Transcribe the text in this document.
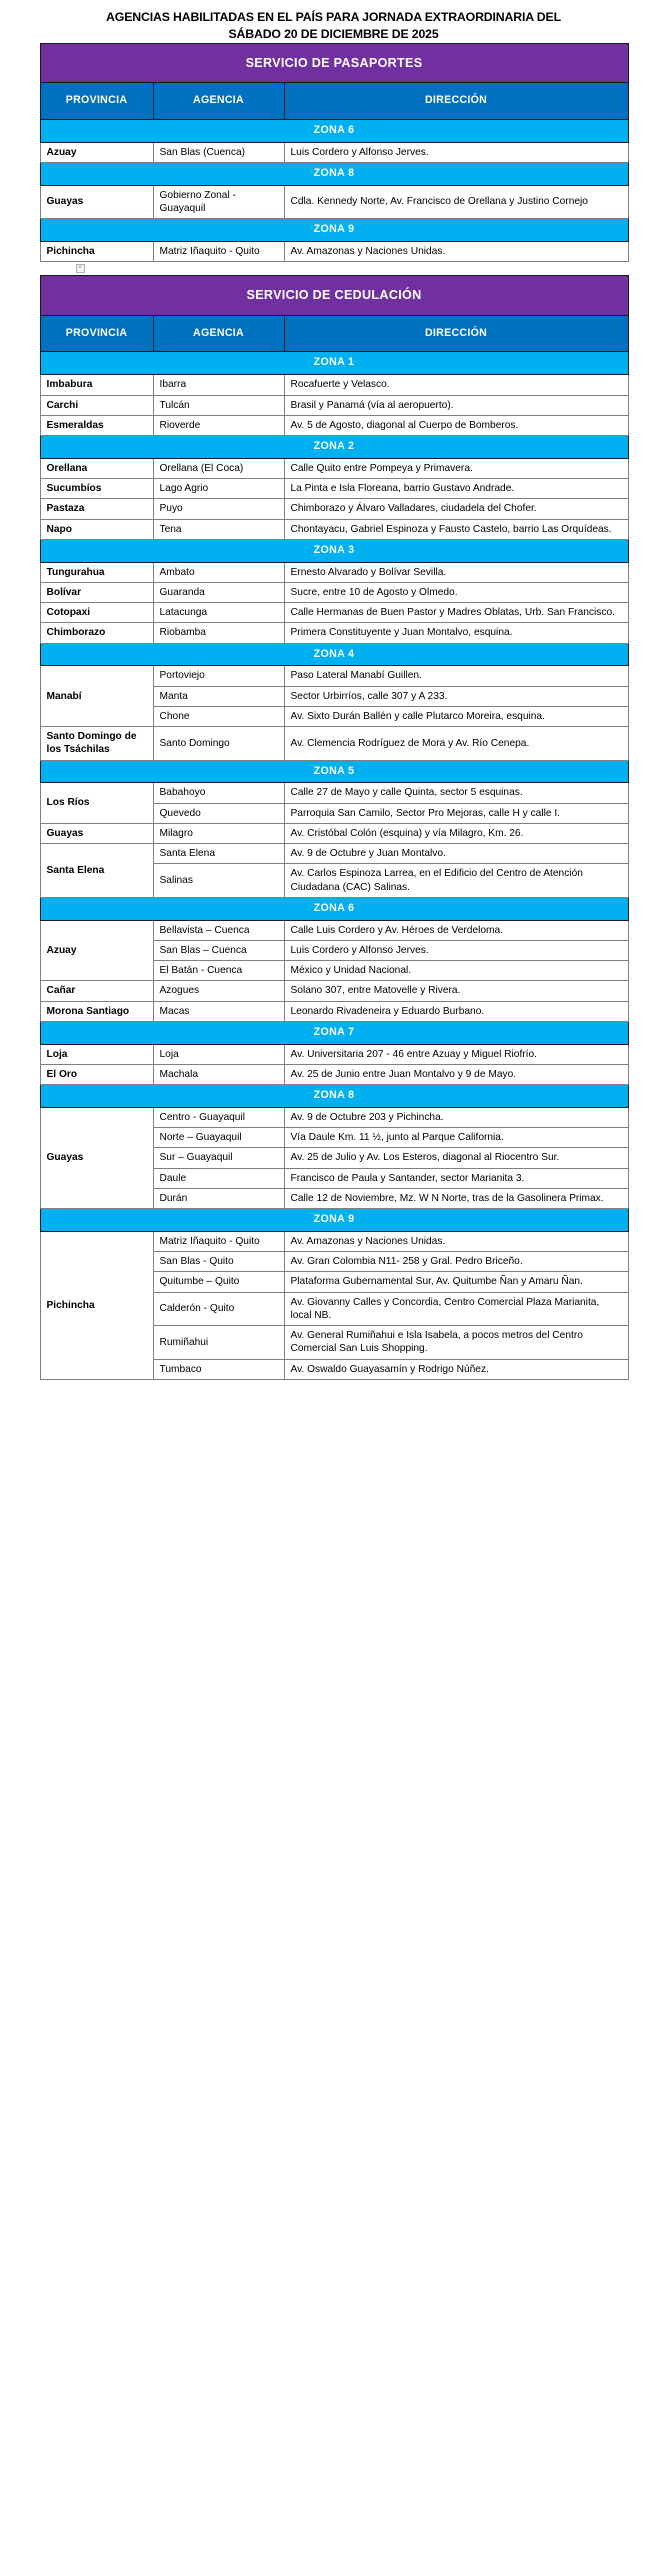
AGENCIAS HABILITADAS EN EL PAÍS PARA JORNADA EXTRAORDINARIA DEL
SÁBADO 20 DE DICIEMBRE DE 2025
SERVICIO DE PASAPORTES		
PROVINCIA	AGENCIA	DIRECCIÓN
ZONA 6		
Azuay	San Blas (Cuenca)	Luis Cordero y Alfonso Jerves.
ZONA 8		
Guayas	Gobierno Zonal - Guayaquil	Cdla. Kennedy Norte, Av. Francisco de Orellana y Justino Cornejo
ZONA 9		
Pichincha	Matriz Iñaquito - Quito	Av. Amazonas y Naciones Unidas.
+
SERVICIO DE CEDULACIÓN		
PROVINCIA	AGENCIA	DIRECCIÓN
ZONA 1		
Imbabura	Ibarra	Rocafuerte y Velasco.
Carchi	Tulcán	Brasil y Panamá (vía al aeropuerto).
Esmeraldas	Rioverde	Av. 5 de Agosto, diagonal al Cuerpo de Bomberos.
ZONA 2		
Orellana	Orellana (El Coca)	Calle Quito entre Pompeya y Primavera.
Sucumbíos	Lago Agrio	La Pinta e Isla Floreana, barrio Gustavo Andrade.
Pastaza	Puyo	Chimborazo y Álvaro Valladares, ciudadela del Chofer.
Napo	Tena	Chontayacu, Gabriel Espinoza y Fausto Castelo, barrio Las Orquídeas.
ZONA 3		
Tungurahua	Ambato	Ernesto Alvarado y Bolívar Sevilla.
Bolívar	Guaranda	Sucre, entre 10 de Agosto y Olmedo.
Cotopaxi	Latacunga	Calle Hermanas de Buen Pastor y Madres Oblatas, Urb. San Francisco.
Chimborazo	Riobamba	Primera Constituyente y Juan Montalvo, esquina.
ZONA 4		
Manabí	Portoviejo	Paso Lateral Manabí Guillen.
	Manta	Sector Urbirríos, calle 307 y A 233.
	Chone	Av. Sixto Durán Ballén y calle Plutarco Moreira, esquina.
Santo Domingo de los Tsáchilas	Santo Domingo	Av. Clemencia Rodríguez de Mora y Av. Río Cenepa.
ZONA 5		
Los Ríos	Babahoyo	Calle 27 de Mayo y calle Quinta, sector 5 esquinas.
	Quevedo	Parroquia San Camilo, Sector Pro Mejoras, calle H y calle I.
Guayas	Milagro	Av. Cristóbal Colón (esquina) y vía Milagro, Km. 26.
Santa Elena	Santa Elena	Av. 9 de Octubre y Juan Montalvo.
	Salinas	Av. Carlos Espinoza Larrea, en el Edificio del Centro de Atención Ciudadana (CAC) Salinas.
ZONA 6		
Azuay	Bellavista – Cuenca	Calle Luis Cordero y Av. Héroes de Verdeloma.
	San Blas – Cuenca	Luis Cordero y Alfonso Jerves.
	El Batán - Cuenca	México y Unidad Nacional.
Cañar	Azogues	Solano 307, entre Matovelle y Rivera.
Morona Santiago	Macas	Leonardo Rivadeneira y Eduardo Burbano.
ZONA 7		
Loja	Loja	Av. Universitaria 207 - 46 entre Azuay y Miguel Riofrío.
El Oro	Machala	Av. 25 de Junio entre Juan Montalvo y 9 de Mayo.
ZONA 8		
Guayas	Centro - Guayaquil	Av. 9 de Octubre 203 y Pichincha.
	Norte – Guayaquil	Vía Daule Km. 11 ½, junto al Parque California.
	Sur – Guayaquil	Av. 25 de Julio y Av. Los Esteros, diagonal al Riocentro Sur.
	Daule	Francisco de Paula y Santander, sector Marianita 3.
	Durán	Calle 12 de Noviembre, Mz. W N Norte, tras de la Gasolinera Primax.
ZONA 9		
Pichincha	Matriz Iñaquito - Quito	Av. Amazonas y Naciones Unidas.
	San Blas - Quito	Av. Gran Colombia N11- 258 y Gral. Pedro Briceño.
	Quitumbe – Quito	Plataforma Gubernamental Sur, Av. Quitumbe Ñan y Amaru Ñan.
	Calderón - Quito	Av. Giovanny Calles y Concordia, Centro Comercial Plaza Marianita, local NB.
	Rumiñahui	Av. General Rumiñahui e Isla Isabela, a pocos metros del Centro Comercial San Luis Shopping.
	Tumbaco	Av. Oswaldo Guayasamín y Rodrigo Núñez.
